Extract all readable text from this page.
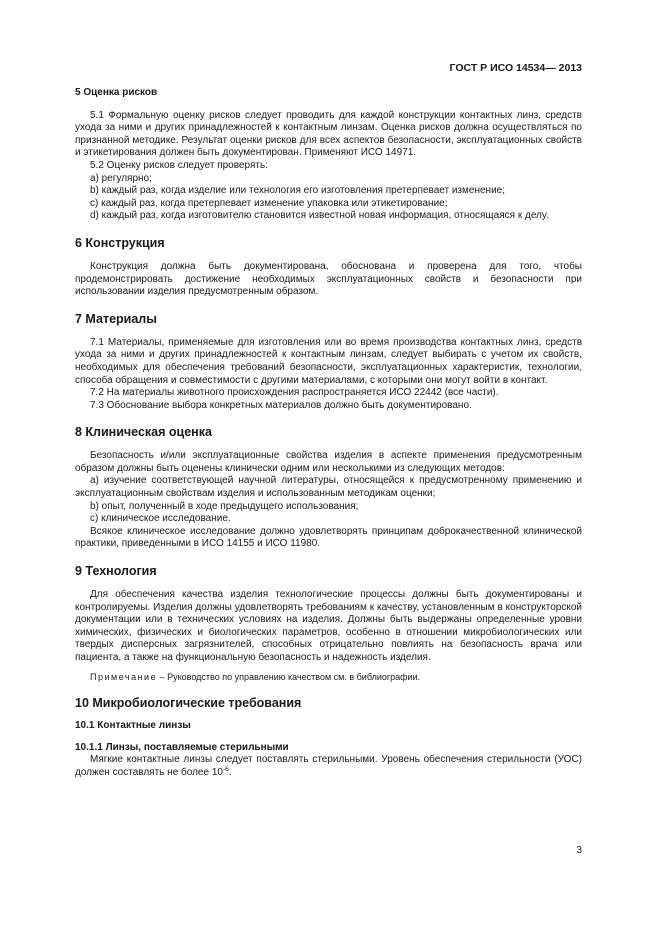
ГОСТ Р ИСО 14534— 2013

5 Оценка рисков

5.1 Формальную оценку рисков следует проводить для каждой конструкции контактных линз, средств ухода за ними и других принадлежностей к контактным линзам. Оценка рисков должна осуществляться по признанной методике. Результат оценки рисков для всех аспектов безопасности, эксплуатационных свойств и этикетирования должен быть документирован. Применяют ИСО 14971.

5.2 Оценку рисков следует проверять:

a) регулярно;

b) каждый раз, когда изделие или технология его изготовления претерпевает изменение;

c) каждый раз, когда претерпевает изменение упаковка или этикетирование;

d) каждый раз, когда изготовителю становится известной новая информация, относящаяся к делу.

6 Конструкция

Конструкция должна быть документирована, обоснована и проверена для того, чтобы продемонстрировать достижение необходимых эксплуатационных свойств и безопасности при использовании изделия предусмотренным образом.

7 Материалы

7.1 Материалы, применяемые для изготовления или во время производства контактных линз, средств ухода за ними и других принадлежностей к контактным линзам, следует выбирать с учетом их свойств, необходимых для обеспечения требований безопасности, эксплуатационных характеристик, технологии, способа обращения и совместимости с другими материалами, с которыми они могут войти в контакт.

7.2 На материалы животного происхождения распространяется ИСО 22442 (все части).

7.3 Обоснование выбора конкретных материалов должно быть документировано.

8 Клиническая оценка

Безопасность и/или эксплуатационные свойства изделия в аспекте применения предусмотренным образом должны быть оценены клинически одним или несколькими из следующих методов:

a) изучение соответствующей научной литературы, относящейся к предусмотренному применению и эксплуатационным свойствам изделия и использованным методикам оценки;

b) опыт, полученный в ходе предыдущего использования;

c) клиническое исследование.

Всякое клиническое исследование должно удовлетворять принципам доброкачественной клинической практики, приведенными в ИСО 14155 и ИСО 11980.

9 Технология

Для обеспечения качества изделия технологические процессы должны быть документированы и контролируемы. Изделия должны удовлетворять требованиям к качеству, установленным в конструкторской документации или в технических условиях на изделия. Должны быть выдержаны определенные уровни химических, физических и биологических параметров, особенно в отношении микробиологических или твердых дисперсных загрязнителей, способных отрицательно повлиять на безопасность врача или пациента, а также на функциональную безопасность и надежность изделия.

Примечание – Руководство по управлению качеством см. в библиографии.

10 Микробиологические требования

10.1 Контактные линзы

10.1.1 Линзы, поставляемые стерильными

Мягкие контактные линзы следует поставлять стерильными. Уровень обеспечения стерильности (УОС) должен составлять не более $10^{-6}$.

3
